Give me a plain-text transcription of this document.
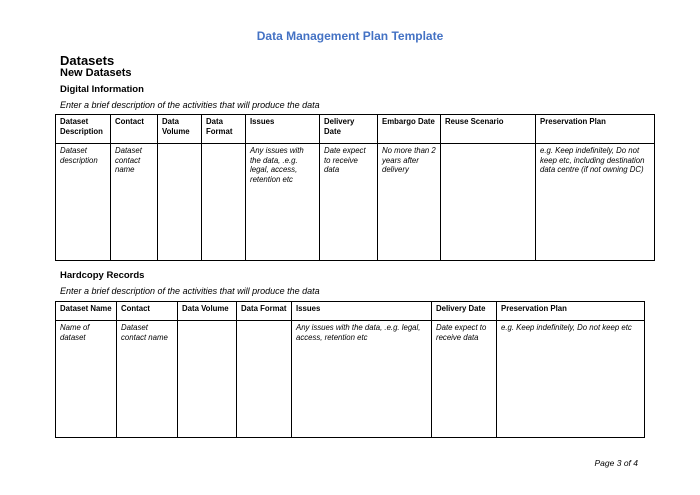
Data Management Plan Template
Datasets
New Datasets
Digital Information
Enter a brief description of the activities that will produce the data
Dataset Description	Contact	Data Volume	Data Format	Issues	Delivery Date	Embargo Date	Reuse Scenario	Preservation Plan
Dataset description	Dataset contact name			Any issues with the data, .e.g. legal, access, retention etc	Date expect to receive data	No more than 2 years after delivery		e.g. Keep indefinitely, Do not keep etc, including destination data centre (if not owning DC)
Hardcopy Records
Enter a brief description of the activities that will produce the data
Dataset Name	Contact	Data Volume	Data Format	Issues	Delivery Date	Preservation Plan
Name of dataset	Dataset contact name			Any issues with the data, .e.g. legal, access, retention etc	Date expect to receive data	e.g. Keep indefinitely, Do not keep etc
Page 3 of 4
